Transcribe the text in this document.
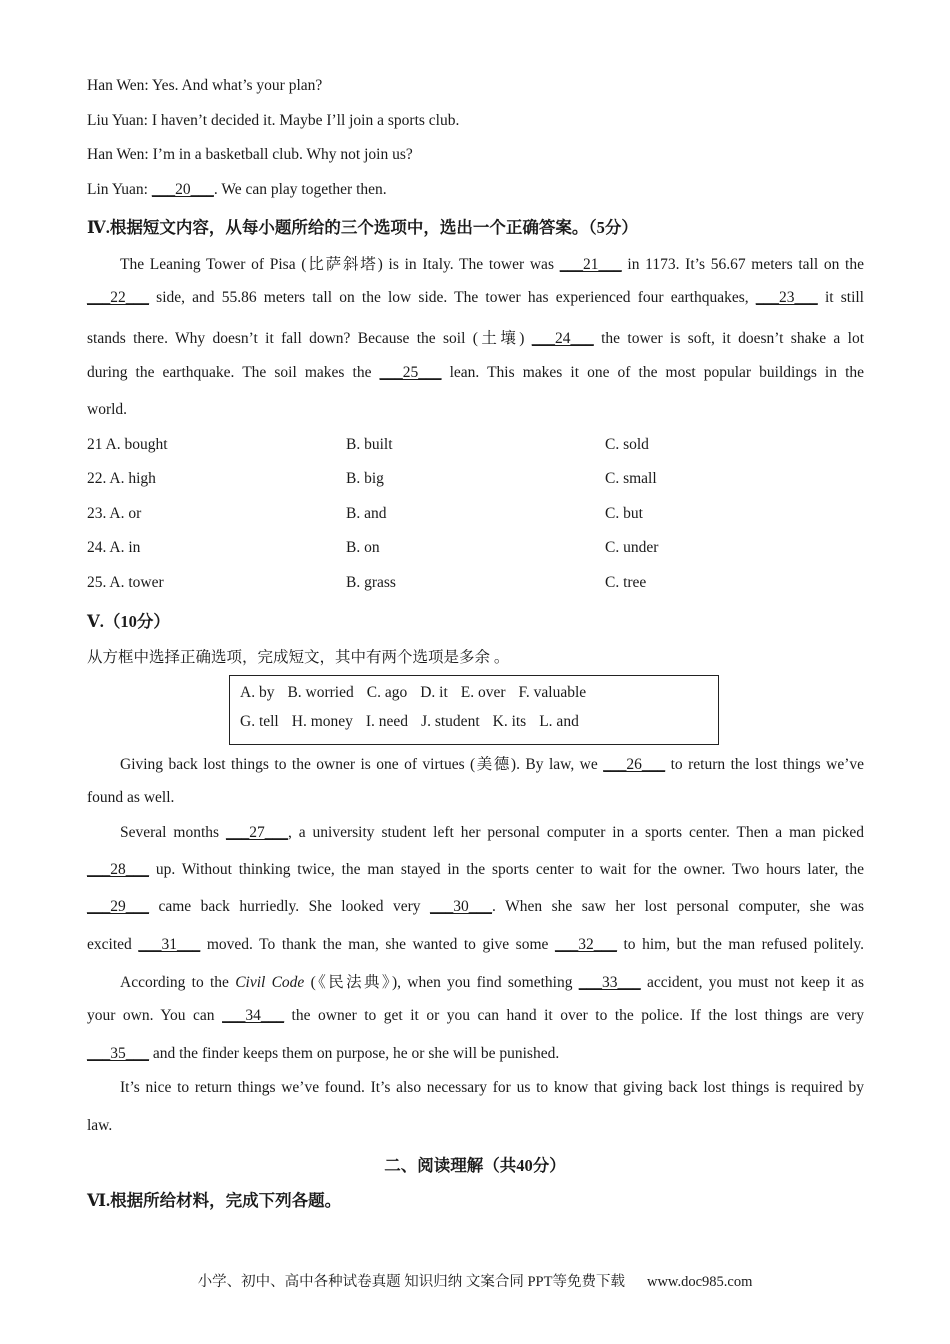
Han Wen: Yes. And what’s your plan?
Liu Yuan: I haven’t decided it. Maybe I’ll join a sports club.
Han Wen: I’m in a basketball club. Why not join us?
Lin Yuan: ___20___. We can play together then.
Ⅳ.根据短文内容，从每小题所给的三个选项中，选出一个正确答案。（5分）
The Leaning Tower of Pisa (比萨斜塔) is in Italy. The tower was ___21___ in 1173. It’s 56.67 meters tall on the
___22___ side, and 55.86 meters tall on the low side. The tower has experienced four earthquakes, ___23___ it still
stands there. Why doesn’t it fall down? Because the soil (土壤) ___24___ the tower is soft, it doesn’t shake a lot
during the earthquake. The soil makes the ___25___ lean. This makes it one of the most popular buildings in the
world.
21 A. bought	B. built	C. sold
22. A. high	B. big	C. small
23. A. or	B. and	C. but
24. A. in	B. on	C. under
25. A. tower	B. grass	C. tree
Ⅴ.（10分）
从方框中选择正确选项，完成短文，其中有两个选项是多余 。
A. by B. worried C. ago D. it E. over F. valuable
G. tell H. money I. need J. student K. its L. and
Giving back lost things to the owner is one of virtues (美德). By law, we ___26___ to return the lost things we’ve
found as well.
Several months ___27___, a university student left her personal computer in a sports center. Then a man picked
___28___ up. Without thinking twice, the man stayed in the sports center to wait for the owner. Two hours later, the
___29___ came back hurriedly. She looked very ___30___. When she saw her lost personal computer, she was
excited ___31___ moved. To thank the man, she wanted to give some ___32___ to him, but the man refused politely.
According to the Civil Code (《民法典》), when you find something ___33___ accident, you must not keep it as
your own. You can ___34___ the owner to get it or you can hand it over to the police. If the lost things are very
___35___ and the finder keeps them on purpose, he or she will be punished.
It’s nice to return things we’ve found. It’s also necessary for us to know that giving back lost things is required by
law.
二、阅读理解（共40分）
Ⅵ.根据所给材料，完成下列各题。
小学、初中、高中各种试卷真题 知识归纳 文案合同 PPT等免费下载 www.doc985.com
